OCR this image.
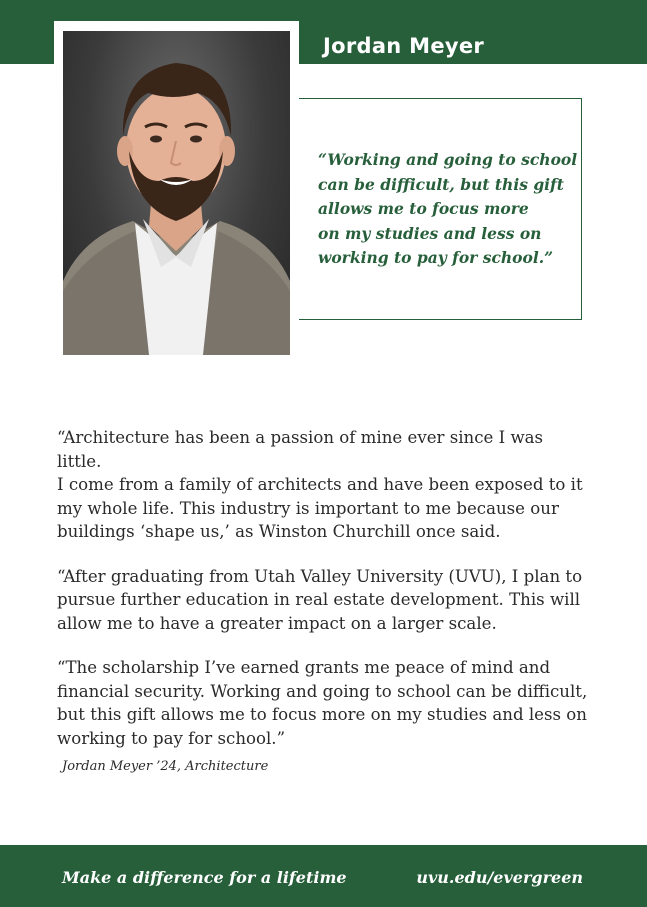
Jordan Meyer

“Working and going to school
can be difficult, but this gift
allows me to focus more
on my studies and less on
working to pay for school.”

“Architecture has been a passion of mine ever since I was little.
I come from a family of architects and have been exposed to it
my whole life. This industry is important to me because our
buildings ‘shape us,’ as Winston Churchill once said.

“After graduating from Utah Valley University (UVU), I plan to
pursue further education in real estate development. This will
allow me to have a greater impact on a larger scale.

“The scholarship I’ve earned grants me peace of mind and
financial security. Working and going to school can be difficult,
but this gift allows me to focus more on my studies and less on
working to pay for school.”

Jordan Meyer ’24, Architecture
Make a difference for a lifetime	uvu.edu/evergreen
